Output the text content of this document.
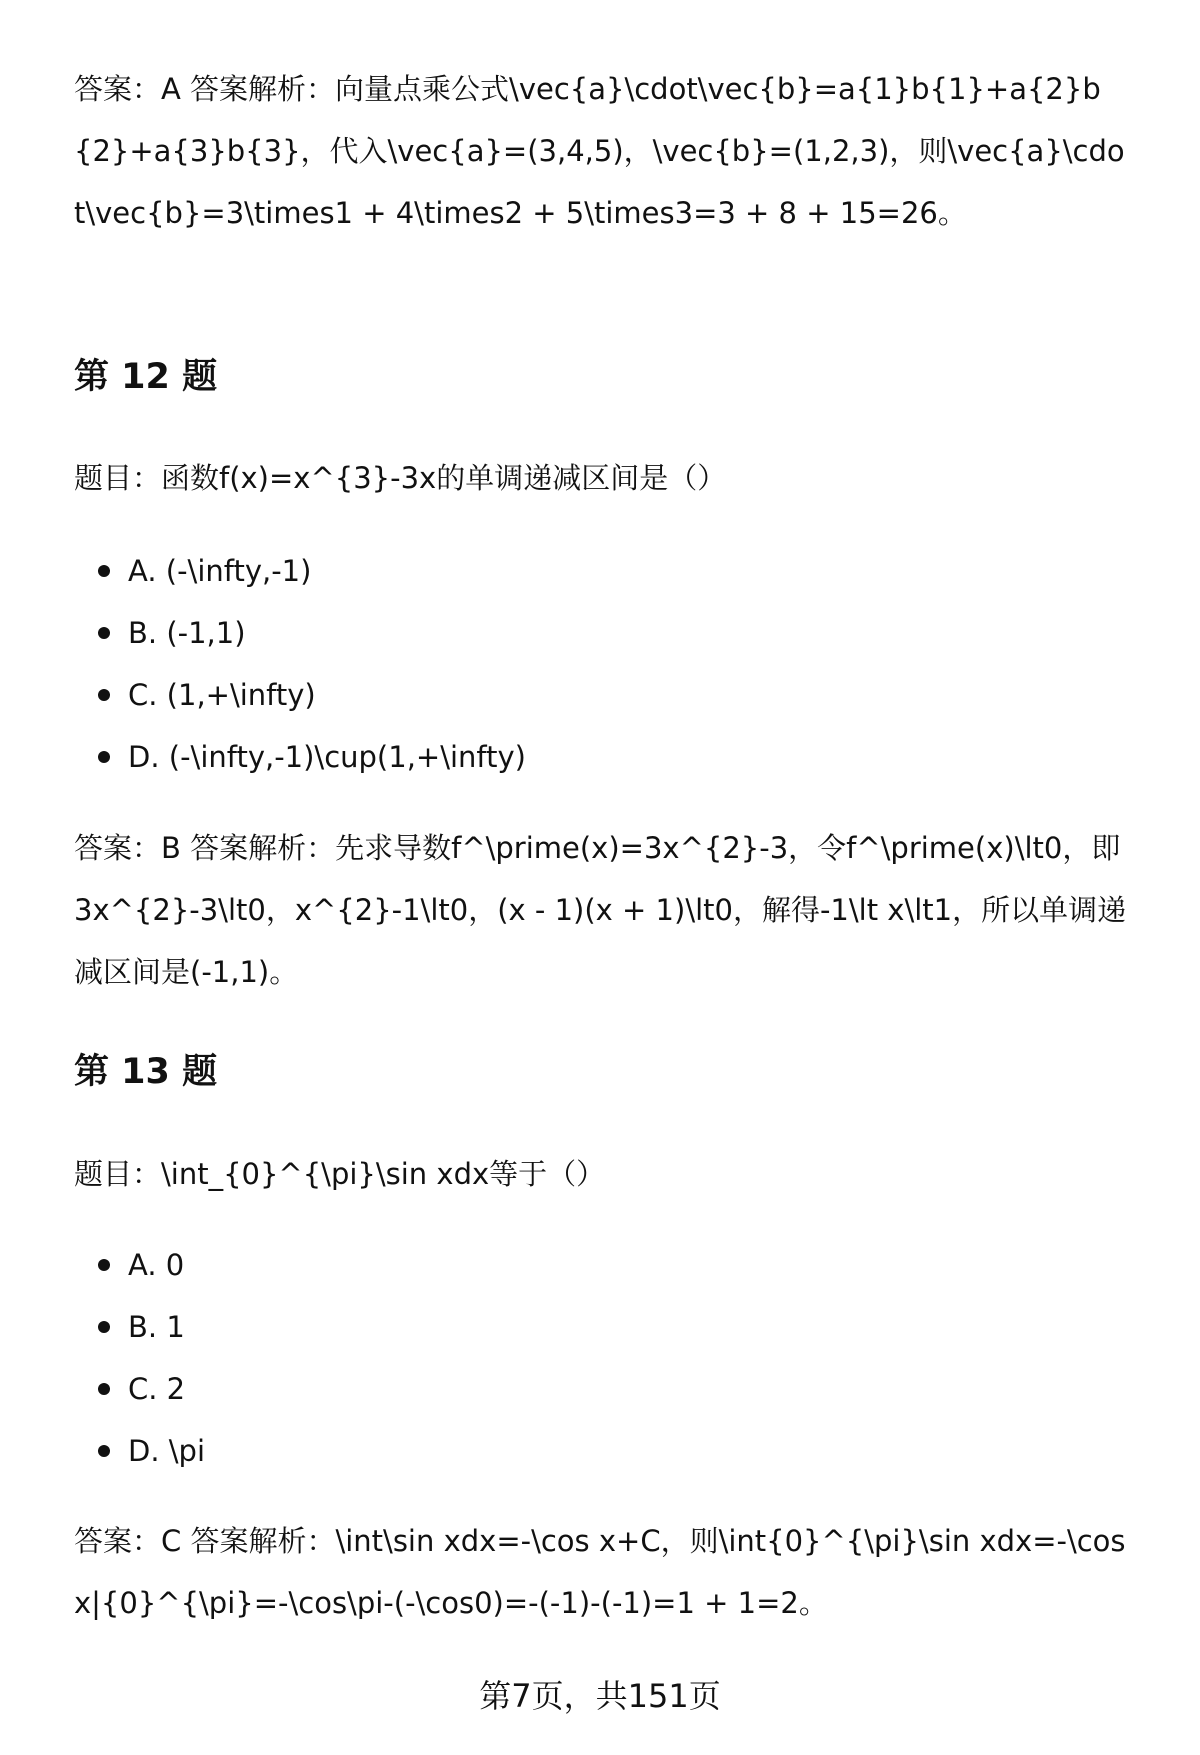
答案：A 答案解析：向量点乘公式\vec{a}\cdot\vec{b}=a{1}b{1}+a{2}b{2}+a{3}b{3}，代入\vec{a}=(3,4,5)，\vec{b}=(1,2,3)，则\vec{a}\cdot\vec{b}=3\times1 + 4\times2 + 5\times3=3 + 8 + 15=26。

第 12 题

题目：函数f(x)=x^{3}-3x的单调递减区间是（）

A. (-\infty,-1)
B. (-1,1)
C. (1,+\infty)
D. (-\infty,-1)\cup(1,+\infty)

答案：B 答案解析：先求导数f^\prime(x)=3x^{2}-3，令f^\prime(x)\lt0，即3x^{2}-3\lt0，x^{2}-1\lt0，(x - 1)(x + 1)\lt0，解得-1\lt x\lt1，所以单调递减区间是(-1,1)。

第 13 题

题目：\int_{0}^{\pi}\sin xdx等于（）

A. 0
B. 1
C. 2
D. \pi

答案：C 答案解析：\int\sin xdx=-\cos x+C，则\int{0}^{\pi}\sin xdx=-\cos x|{0}^{\pi}=-\cos\pi-(-\cos0)=-(-1)-(-1)=1 + 1=2。

第7页，共151页
